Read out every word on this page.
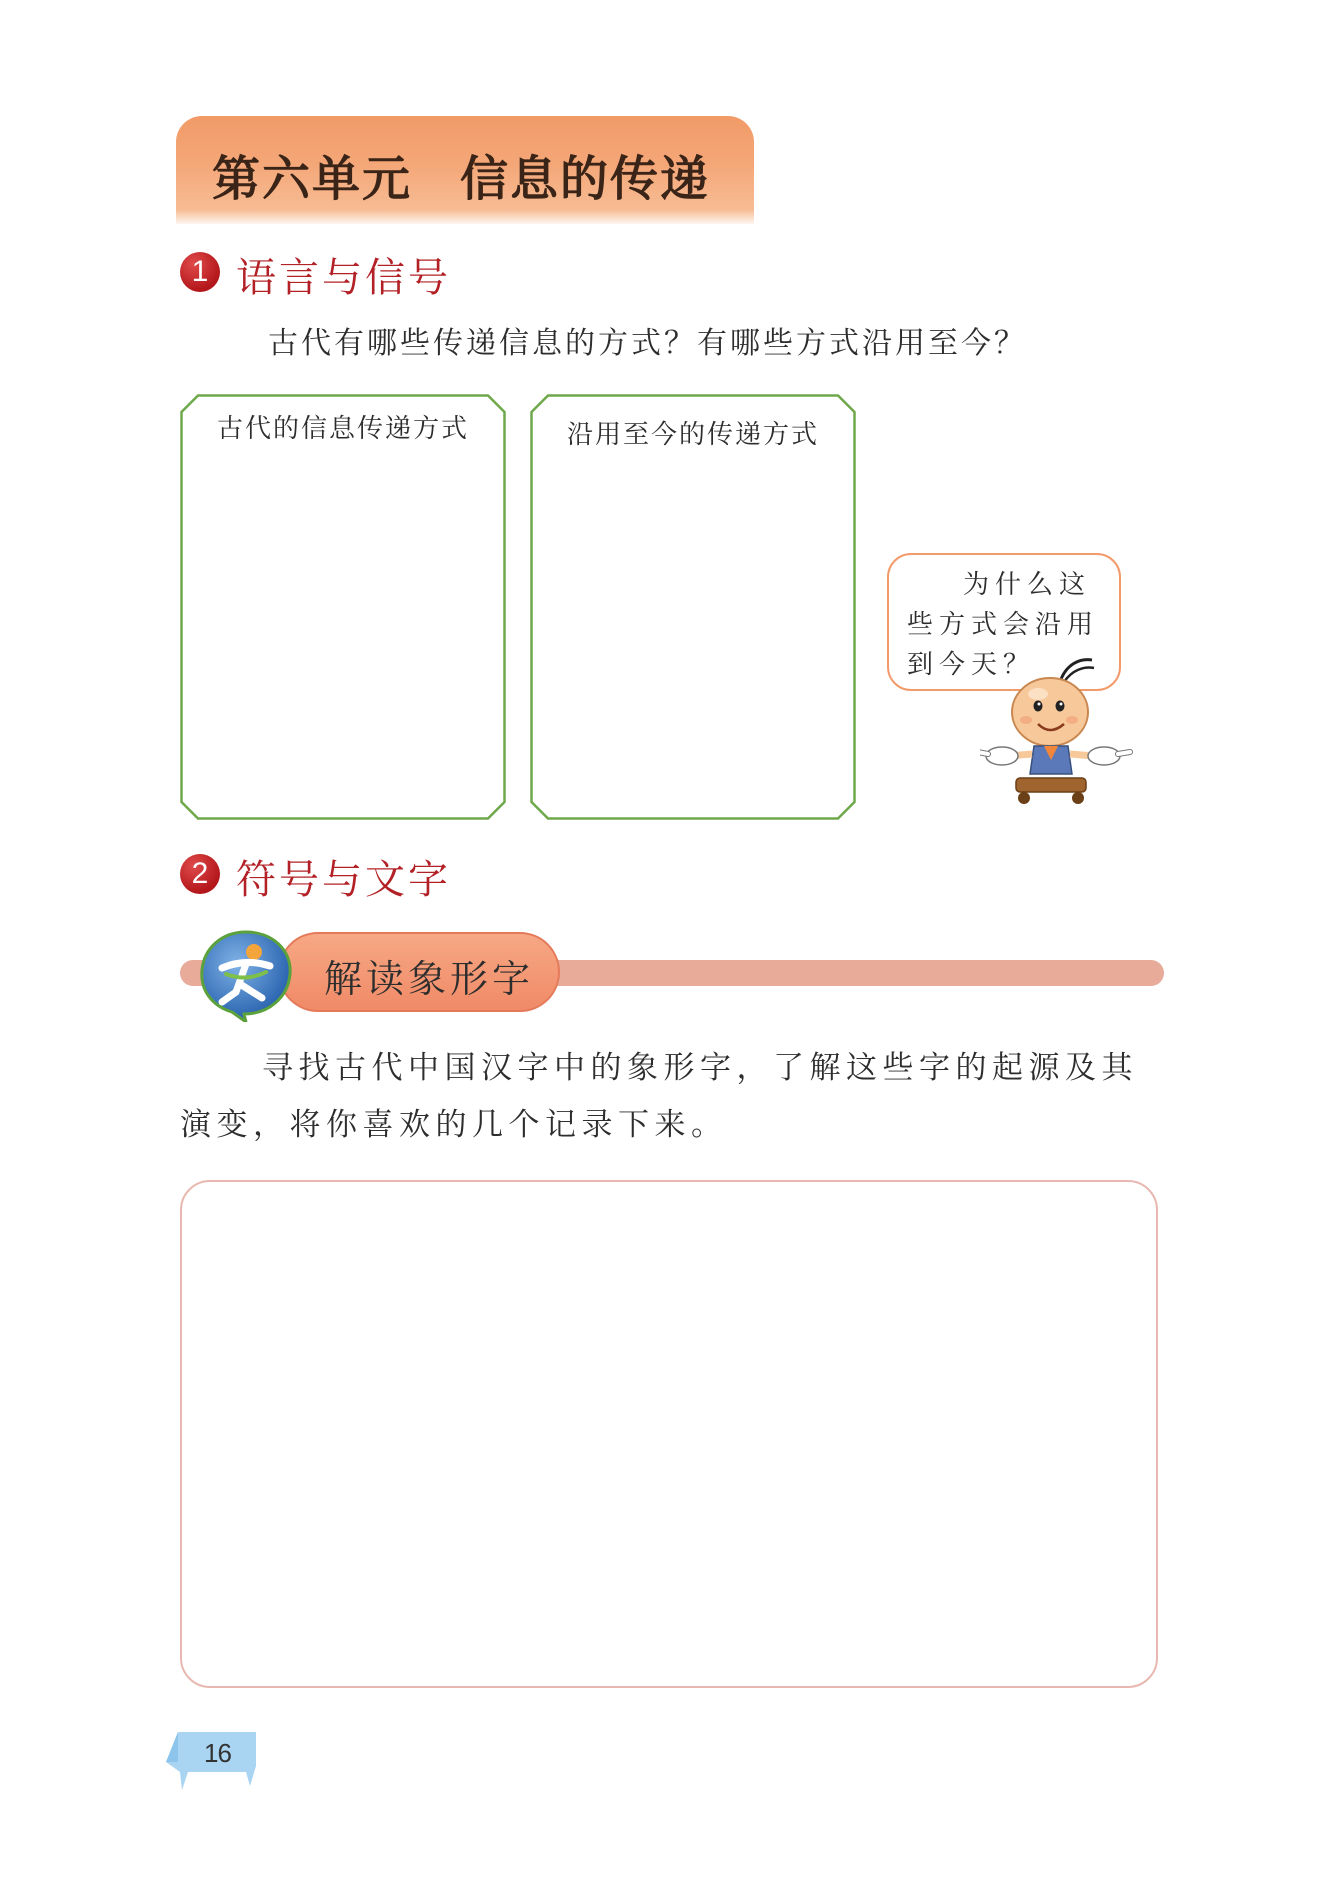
第六单元 信息的传递
1 语言与信号
古代有哪些传递信息的方式？有哪些方式沿用至今？
古代的信息传递方式	沿用至今的传递方式
为什么这些方式会沿用到今天？
2 符号与文字
解读象形字
寻找古代中国汉字中的象形字，了解这些字的起源及其演变，将你喜欢的几个记录下来。
16
